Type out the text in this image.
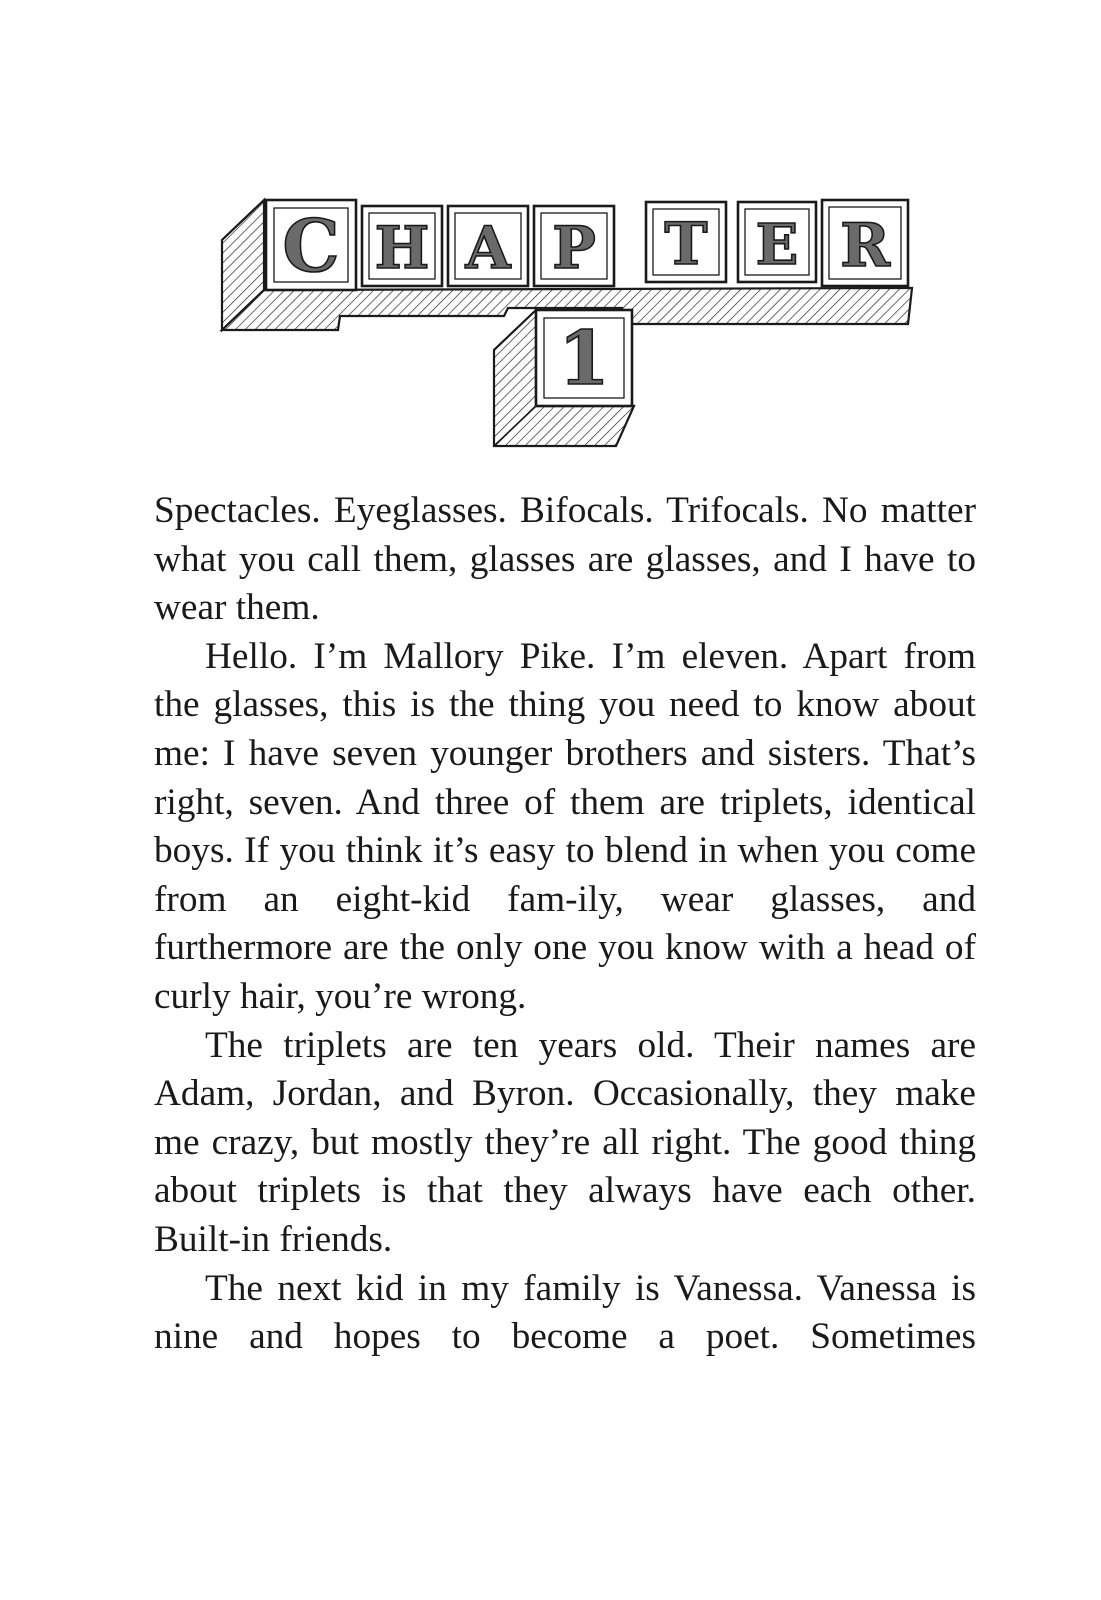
C H A P T E R
1

Spectacles. Eyeglasses. Bifocals. Trifocals. No matter what you call them, glasses are glasses, and I have to wear them.

Hello. I’m Mallory Pike. I’m eleven. Apart from the glasses, this is the thing you need to know about me: I have seven younger brothers and sisters. That’s right, seven. And three of them are triplets, identical boys. If you think it’s easy to blend in when you come from an eight-kid fam-ily, wear glasses, and furthermore are the only one you know with a head of curly hair, you’re wrong.

The triplets are ten years old. Their names are Adam, Jordan, and Byron. Occasionally, they make me crazy, but mostly they’re all right. The good thing about triplets is that they always have each other. Built-in friends.

The next kid in my family is Vanessa. Vanessa is nine and hopes to become a poet. Sometimes
